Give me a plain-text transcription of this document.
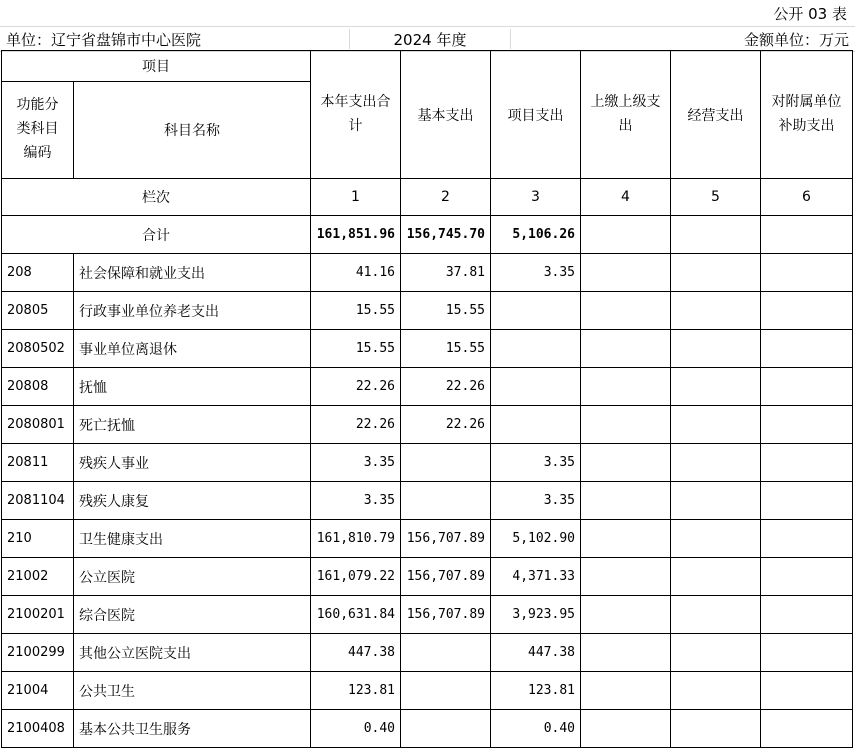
公开 03 表
单位：辽宁省盘锦市中心医院	2024 年度	金额单位：万元
项目		本年支出合计	基本支出	项目支出	上缴上级支出	经营支出	对附属单位补助支出
功能分类科目编码	科目名称						
栏次		1	2	3	4	5	6
合计		161,851.96	156,745.70	5,106.26			
208	社会保障和就业支出	41.16	37.81	3.35			
20805	行政事业单位养老支出	15.55	15.55				
2080502	事业单位离退休	15.55	15.55				
20808	抚恤	22.26	22.26				
2080801	死亡抚恤	22.26	22.26				
20811	残疾人事业	3.35		3.35			
2081104	残疾人康复	3.35		3.35			
210	卫生健康支出	161,810.79	156,707.89	5,102.90			
21002	公立医院	161,079.22	156,707.89	4,371.33			
2100201	综合医院	160,631.84	156,707.89	3,923.95			
2100299	其他公立医院支出	447.38		447.38			
21004	公共卫生	123.81		123.81			
2100408	基本公共卫生服务	0.40		0.40			
